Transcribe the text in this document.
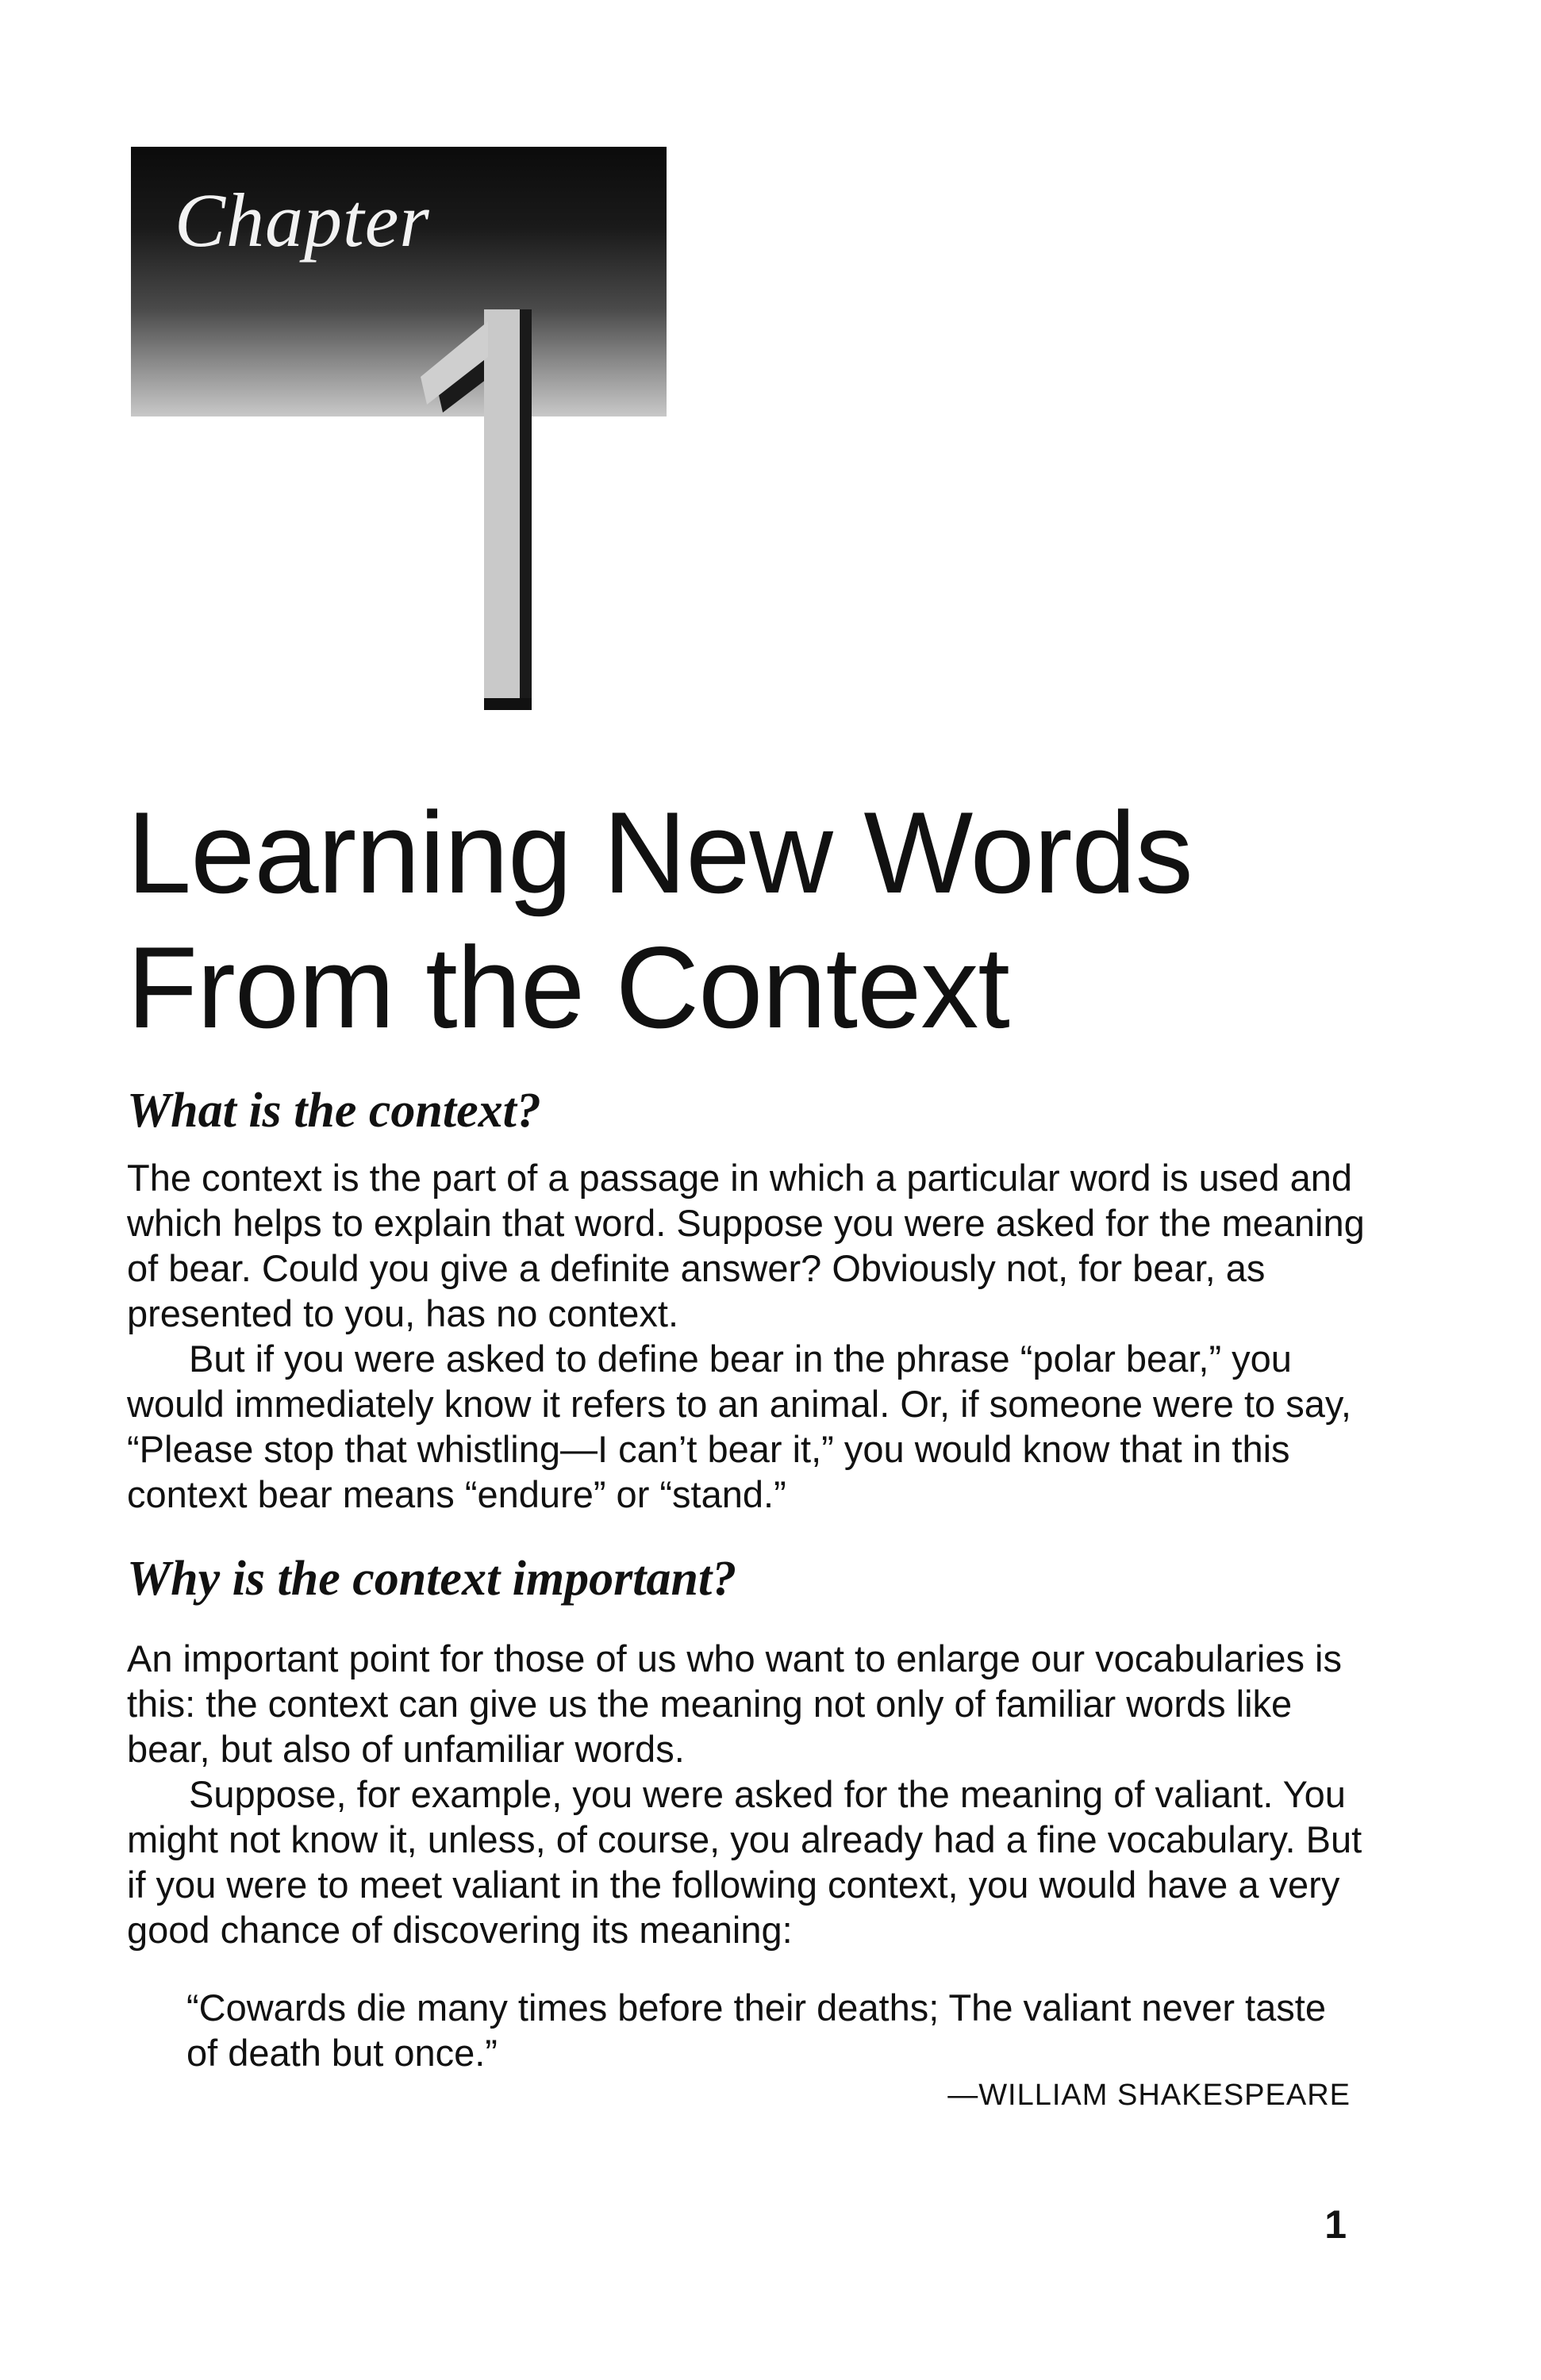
Chapter
Learning New Words From the Context
What is the context?

The context is the part of a passage in which a particular word is used and which helps to explain that word. Suppose you were asked for the meaning of bear. Could you give a definite answer? Obviously not, for bear, as presented to you, has no context.

But if you were asked to define bear in the phrase “polar bear,” you would immediately know it refers to an animal. Or, if someone were to say, “Please stop that whistling—I can’t bear it,” you would know that in this context bear means “endure” or “stand.”

Why is the context important?

An important point for those of us who want to enlarge our vocabularies is this: the context can give us the meaning not only of familiar words like bear, but also of unfamiliar words.

Suppose, for example, you were asked for the meaning of valiant. You might not know it, unless, of course, you already had a fine vocabulary. But if you were to meet valiant in the following context, you would have a very good chance of discovering its meaning:

“Cowards die many times before their deaths; The valiant never taste of death but once.”

—WILLIAM SHAKESPEARE
1
